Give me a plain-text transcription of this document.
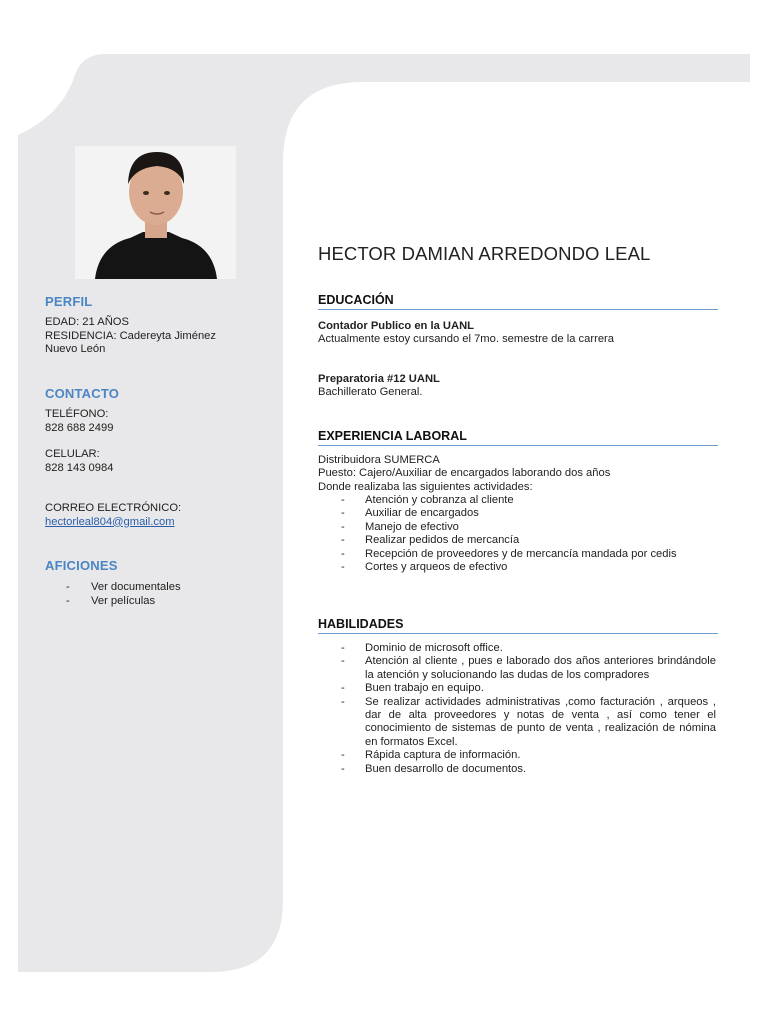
PERFIL
EDAD: 21 AÑOS
RESIDENCIA: Cadereyta Jiménez
Nuevo León
CONTACTO
TELÉFONO:
828 688 2499
CELULAR:
828 143 0984
CORREO ELECTRÓNICO:
hectorleal804@gmail.com
AFICIONES
-	Ver documentales
-	Ver películas
HECTOR DAMIAN ARREDONDO LEAL
EDUCACIÓN
Contador Publico en la UANL
Actualmente estoy cursando el 7mo. semestre de la carrera
Preparatoria #12 UANL
Bachillerato General.
EXPERIENCIA LABORAL
Distribuidora SUMERCA
Puesto: Cajero/Auxiliar de encargados laborando dos años
Donde realizaba las siguientes actividades:
-	Atención y cobranza al cliente
-	Auxiliar de encargados
-	Manejo de efectivo
-	Realizar pedidos de mercancía
-	Recepción de proveedores y de mercancía mandada por cedis
-	Cortes y arqueos de efectivo
HABILIDADES
-	Dominio de microsoft office.
-	Atención al cliente , pues e laborado dos años anteriores brindándole la atención y solucionando las dudas de los compradores
-	Buen trabajo en equipo.
-	Se realizar actividades administrativas ,como facturación , arqueos , dar de alta proveedores y notas de venta , así como tener el conocimiento de sistemas de punto de venta , realización de nómina en formatos Excel.
-	Rápida captura de información.
-	Buen desarrollo de documentos.
